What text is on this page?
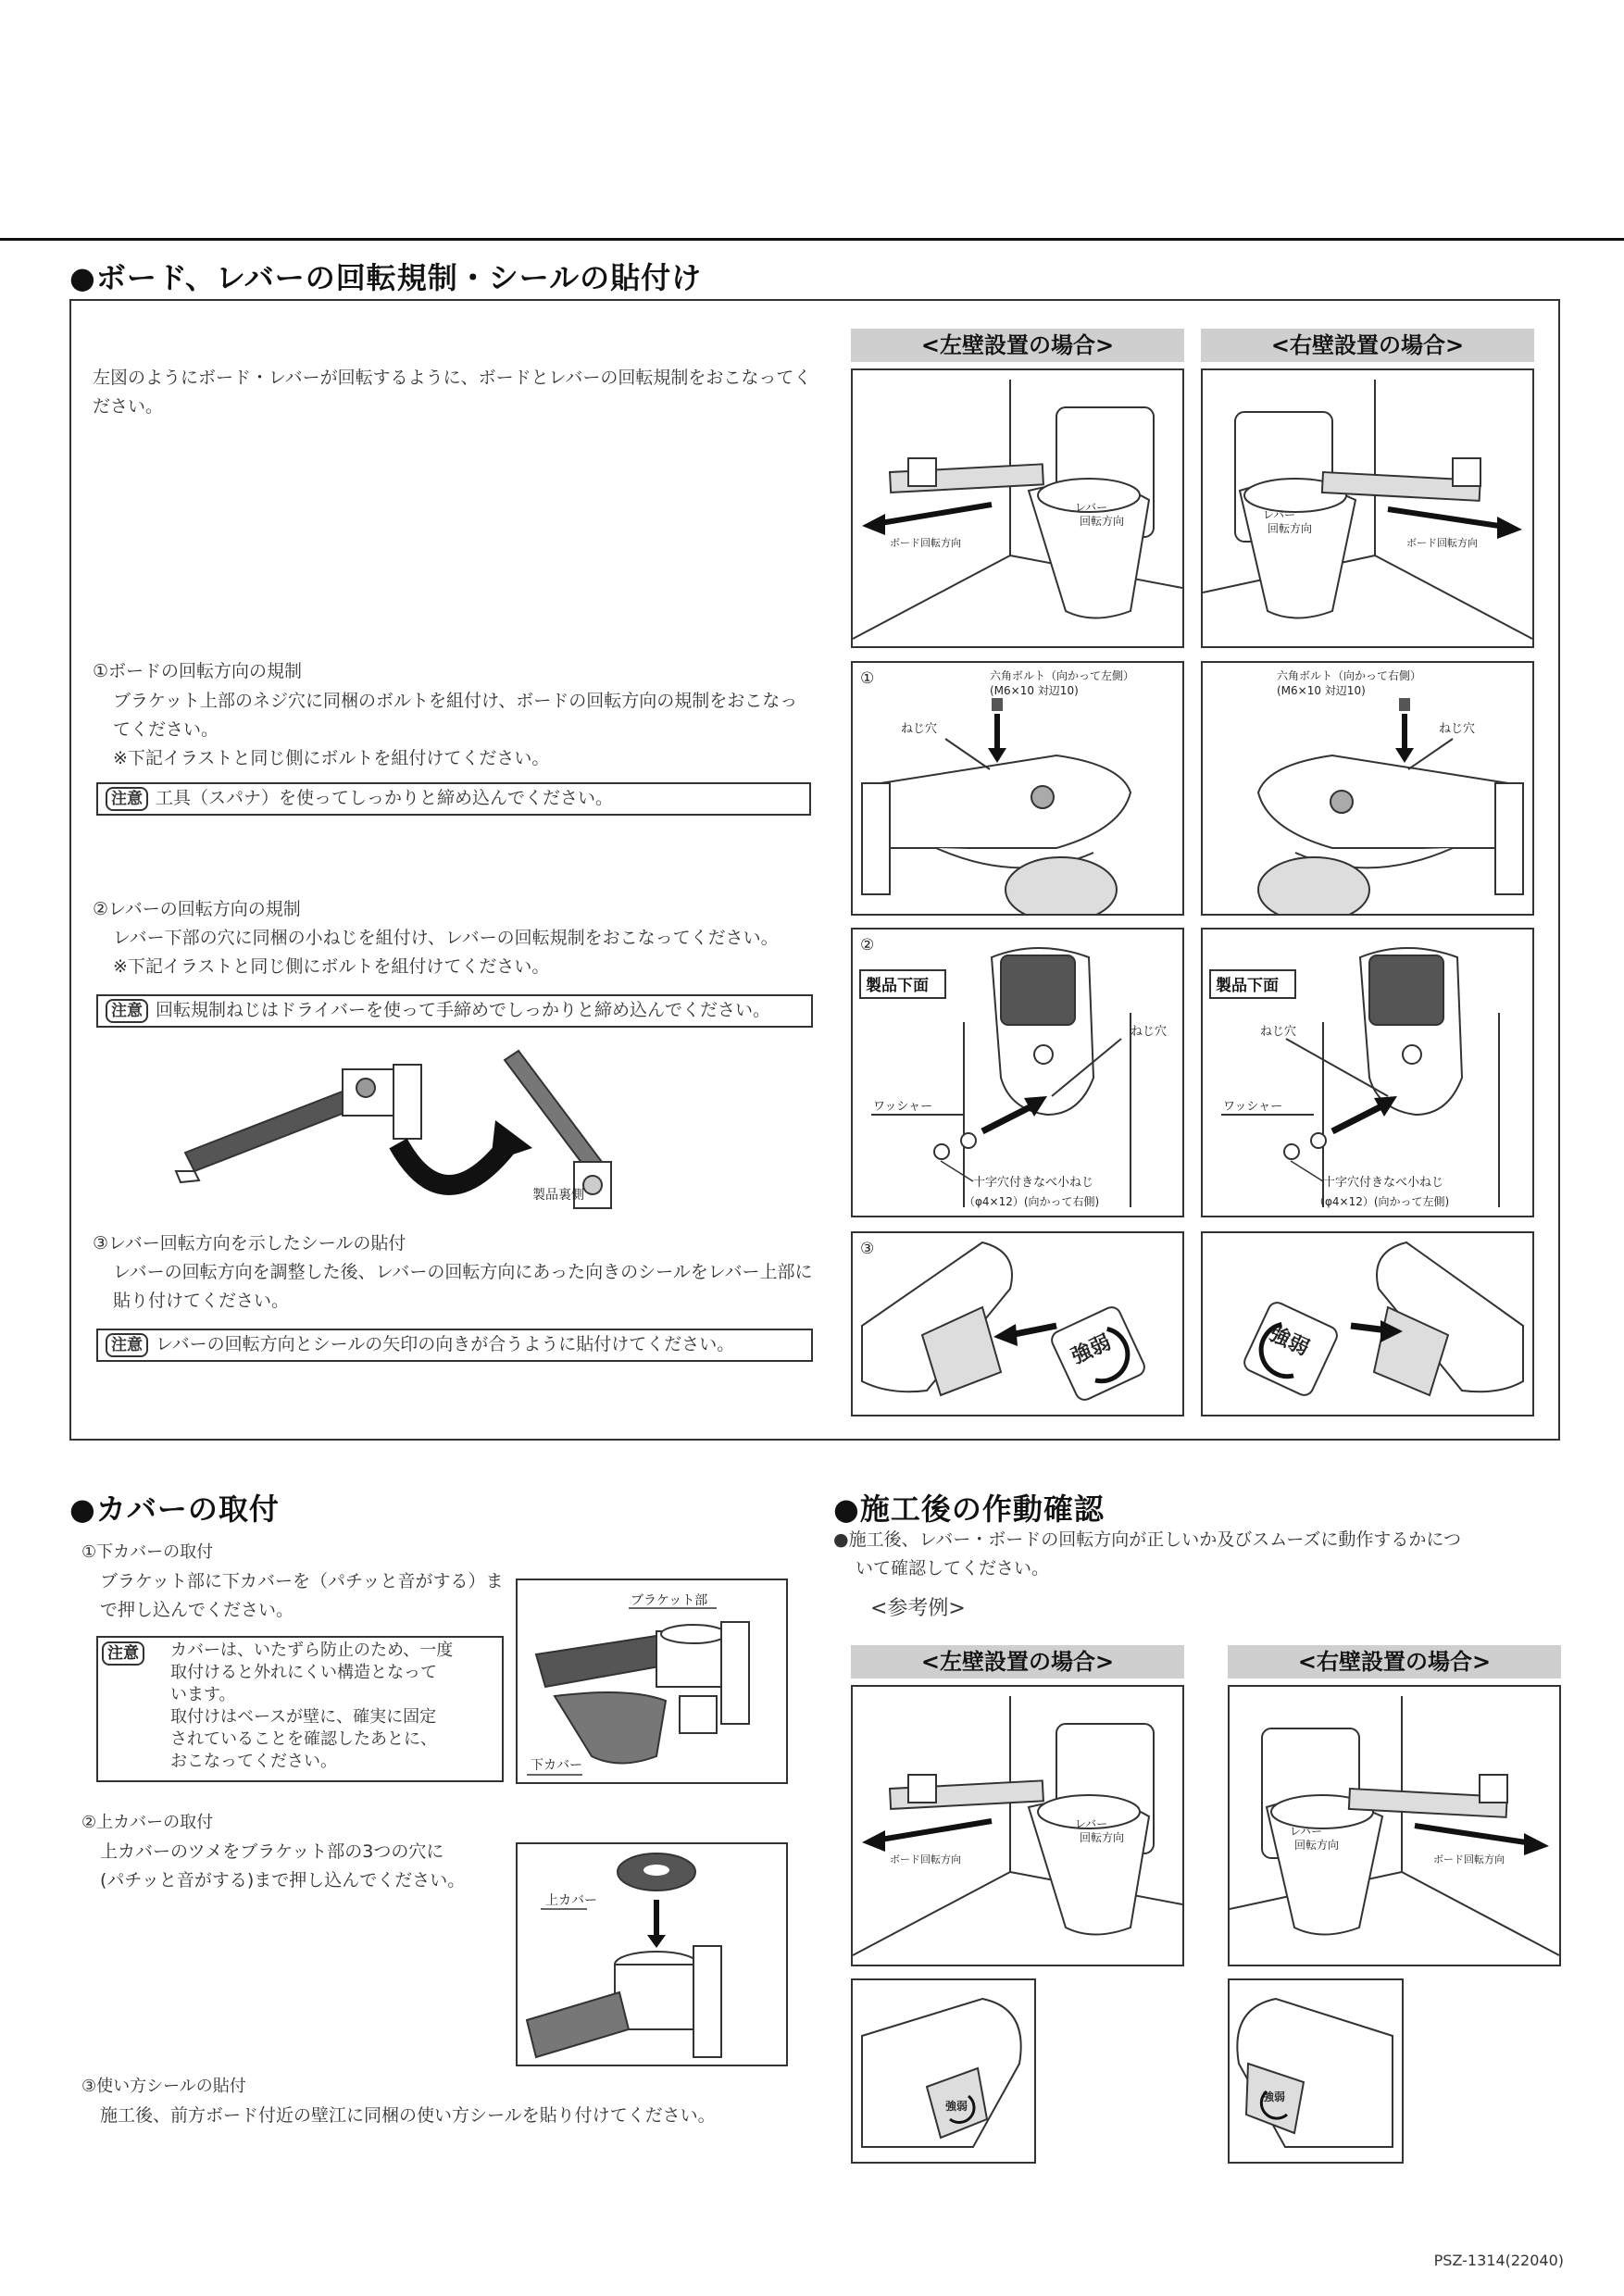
●ボード、レバーの回転規制・シールの貼付け
左図のようにボード・レバーが回転するように、ボードとレバーの回転規制をおこなってください。
①ボードの回転方向の規制
ブラケット上部のネジ穴に同梱のボルトを組付け、ボードの回転方向の規制をおこなってください。
※下記イラストと同じ側にボルトを組付けてください。
注意 工具（スパナ）を使ってしっかりと締め込んでください。
②レバーの回転方向の規制
レバー下部の穴に同梱の小ねじを組付け、レバーの回転規制をおこなってください。
※下記イラストと同じ側にボルトを組付けてください。
注意 回転規制ねじはドライバーを使って手締めでしっかりと締め込んでください。
製品裏側
③レバー回転方向を示したシールの貼付
レバーの回転方向を調整した後、レバーの回転方向にあった向きのシールをレバー上部に貼り付けてください。
注意 レバーの回転方向とシールの矢印の向きが合うように貼付けてください。
<左壁設置の場合>	<右壁設置の場合>
ボード回転方向
レバー
回転方向
ボード回転方向
レバー
回転方向
①	六角ボルト（向かって左側）
(M6×10 対辺10)
ねじ穴
六角ボルト（向かって右側）
(M6×10 対辺10)
ねじ穴
②
製品下面
ねじ穴
ワッシャー
十字穴付きなべ小ねじ
（φ4×12）(向かって右側)
製品下面
ねじ穴
ワッシャー
十字穴付きなべ小ねじ
（φ4×12）(向かって左側)
③
強弱	強弱
●カバーの取付
①下カバーの取付
ブラケット部に下カバーを（パチッと音がする）まで押し込んでください。
注意	カバーは、いたずら防止のため、一度
取付けると外れにくい構造となって
います。
取付けはベースが壁に、確実に固定
されていることを確認したあとに、
おこなってください。
ブラケット部
下カバー
②上カバーの取付
上カバーのツメをブラケット部の3つの穴に
(パチッと音がする)まで押し込んでください。
上カバー
③使い方シールの貼付
施工後、前方ボード付近の壁江に同梱の使い方シールを貼り付けてください。
●施工後の作動確認
●施工後、レバー・ボードの回転方向が正しいか及びスムーズに動作するかにつ
いて確認してください。
<参考例>
<左壁設置の場合>	<右壁設置の場合>
ボード回転方向
レバー
回転方向
ボード回転方向
レバー
回転方向
強弱
強弱
PSZ-1314(22040)
